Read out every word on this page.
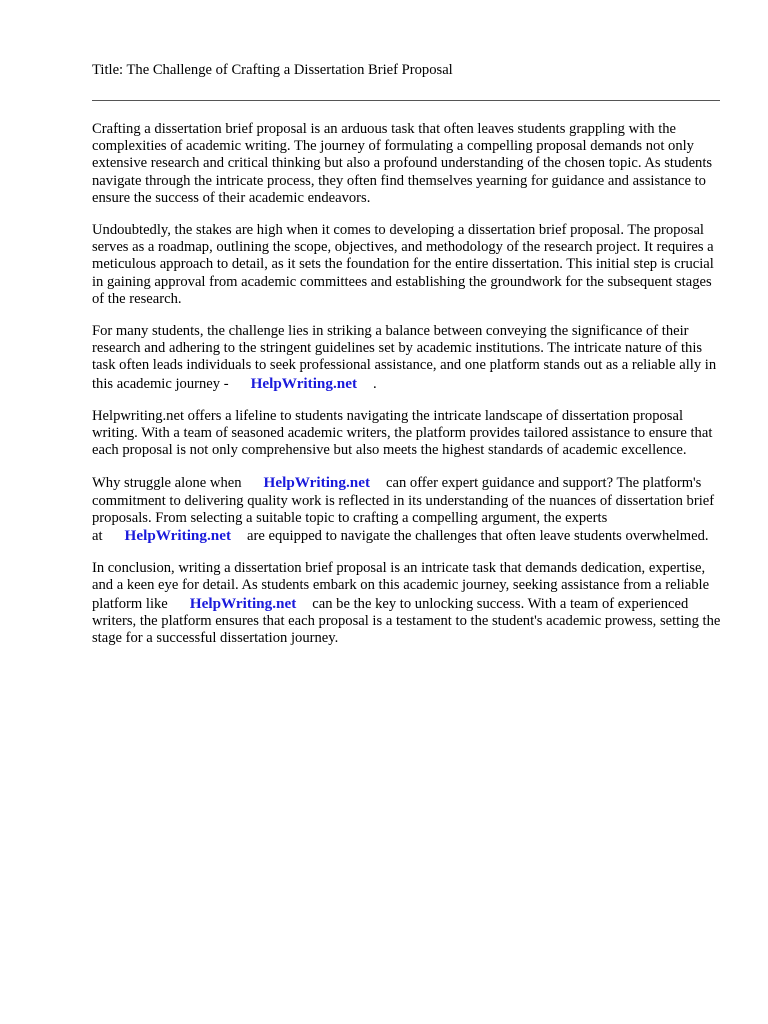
Title: The Challenge of Crafting a Dissertation Brief Proposal

Crafting a dissertation brief proposal is an arduous task that often leaves students grappling with the complexities of academic writing. The journey of formulating a compelling proposal demands not only extensive research and critical thinking but also a profound understanding of the chosen topic. As students navigate through the intricate process, they often find themselves yearning for guidance and assistance to ensure the success of their academic endeavors.

Undoubtedly, the stakes are high when it comes to developing a dissertation brief proposal. The proposal serves as a roadmap, outlining the scope, objectives, and methodology of the research project. It requires a meticulous approach to detail, as it sets the foundation for the entire dissertation. This initial step is crucial in gaining approval from academic committees and establishing the groundwork for the subsequent stages of the research.

For many students, the challenge lies in striking a balance between conveying the significance of their research and adhering to the stringent guidelines set by academic institutions. The intricate nature of this task often leads individuals to seek professional assistance, and one platform stands out as a reliable ally in this academic journey - HelpWriting.net .

Helpwriting.net offers a lifeline to students navigating the intricate landscape of dissertation proposal writing. With a team of seasoned academic writers, the platform provides tailored assistance to ensure that each proposal is not only comprehensive but also meets the highest standards of academic excellence.

Why struggle alone when HelpWriting.net can offer expert guidance and support? The platform's commitment to delivering quality work is reflected in its understanding of the nuances of dissertation brief proposals. From selecting a suitable topic to crafting a compelling argument, the experts at HelpWriting.net are equipped to navigate the challenges that often leave students overwhelmed.

In conclusion, writing a dissertation brief proposal is an intricate task that demands dedication, expertise, and a keen eye for detail. As students embark on this academic journey, seeking assistance from a reliable platform like HelpWriting.net can be the key to unlocking success. With a team of experienced writers, the platform ensures that each proposal is a testament to the student's academic prowess, setting the stage for a successful dissertation journey.
